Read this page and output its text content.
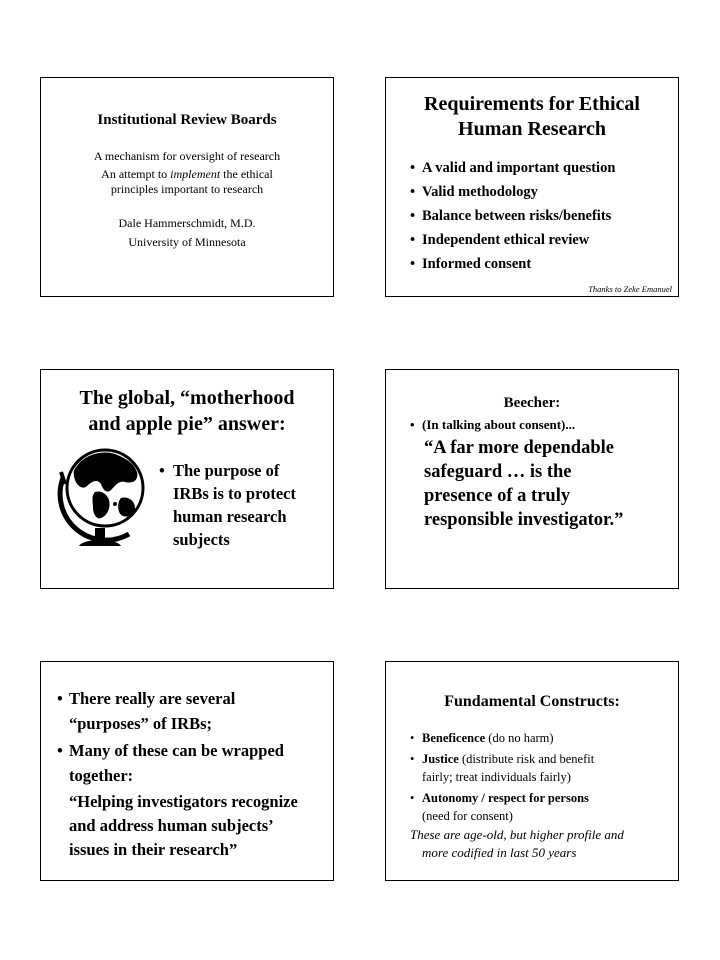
Institutional Review Boards
A mechanism for oversight of research
An attempt to implement the ethical
principles important to research
Dale Hammerschmidt, M.D.
University of Minnesota
Requirements for Ethical
Human Research
• A valid and important question
• Valid methodology
• Balance between risks/benefits
• Independent ethical review
• Informed consent
Thanks to Zeke Emanuel
The global, “motherhood
and apple pie” answer:
• The purpose of
IRBs is to protect
human research
subjects
Beecher:
• (In talking about consent)...
“A far more dependable
safeguard … is the
presence of a truly
responsible investigator.”
• There really are several
“purposes” of IRBs;
• Many of these can be wrapped
together:
“Helping investigators recognize
and address human subjects’
issues in their research”
Fundamental Constructs:
• Beneficence (do no harm)
• Justice (distribute risk and benefit
fairly; treat individuals fairly)
• Autonomy / respect for persons
(need for consent)
These are age-old, but higher profile and
more codified in last 50 years
